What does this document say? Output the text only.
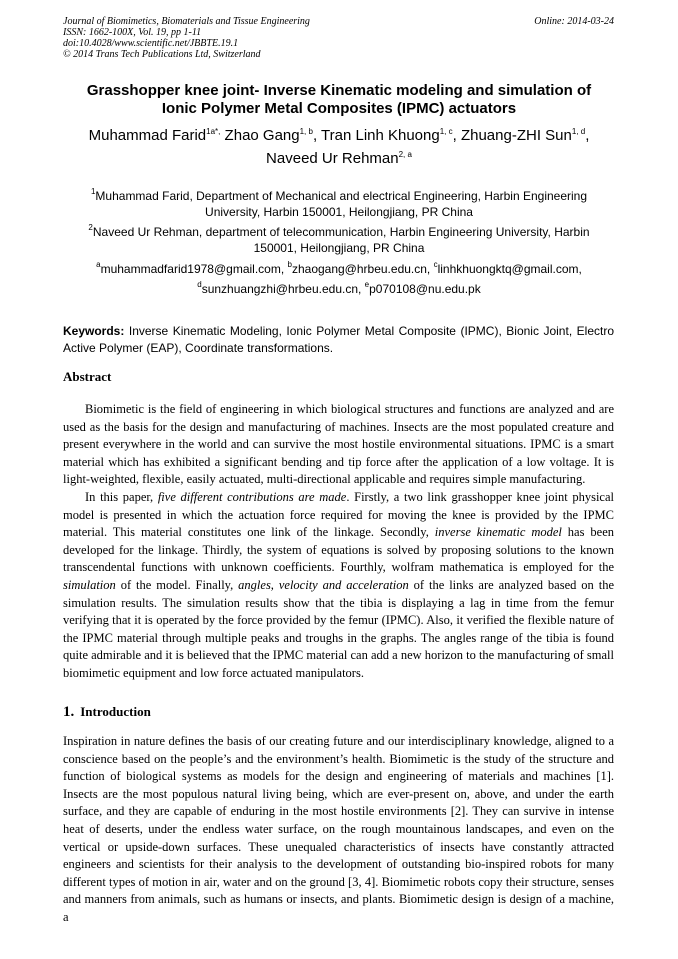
Journal of Biomimetics, Biomaterials and Tissue Engineering
ISSN: 1662-100X, Vol. 19, pp 1-11
doi:10.4028/www.scientific.net/JBBTE.19.1
© 2014 Trans Tech Publications Ltd, Switzerland
Online: 2014-03-24
Grasshopper knee joint- Inverse Kinematic modeling and simulation of
Ionic Polymer Metal Composites (IPMC) actuators
Muhammad Farid$^{1a*,}$ Zhao Gang$^{1, b}$, Tran Linh Khuong$^{1, c}$, Zhuang-ZHI Sun$^{1, d}$,
Naveed Ur Rehman$^{2, a}$
$^1$Muhammad Farid, Department of Mechanical and electrical Engineering, Harbin Engineering
University, Harbin 150001, Heilongjiang, PR China
$^2$Naveed Ur Rehman, department of telecommunication, Harbin Engineering University, Harbin
150001, Heilongjiang, PR China
$^a$muhammadfarid1978@gmail.com, $^b$zhaogang@hrbeu.edu.cn, $^c$linhkhuongktq@gmail.com,
$^d$sunzhuangzhi@hrbeu.edu.cn, $^e$p070108@nu.edu.pk
Keywords: Inverse Kinematic Modeling, Ionic Polymer Metal Composite (IPMC), Bionic Joint, Electro Active Polymer (EAP), Coordinate transformations.
Abstract

Biomimetic is the field of engineering in which biological structures and functions are analyzed and are used as the basis for the design and manufacturing of machines. Insects are the most populated creature and present everywhere in the world and can survive the most hostile environmental situations. IPMC is a smart material which has exhibited a significant bending and tip force after the application of a low voltage. It is light-weighted, flexible, easily actuated, multi-directional applicable and requires simple manufacturing.

In this paper, five different contributions are made. Firstly, a two link grasshopper knee joint physical model is presented in which the actuation force required for moving the knee is provided by the IPMC material. This material constitutes one link of the linkage. Secondly, inverse kinematic model has been developed for the linkage. Thirdly, the system of equations is solved by proposing solutions to the known transcendental functions with unknown coefficients. Fourthly, wolfram mathematica is employed for the simulation of the model. Finally, angles, velocity and acceleration of the links are analyzed based on the simulation results. The simulation results show that the tibia is displaying a lag in time from the femur verifying that it is operated by the force provided by the femur (IPMC). Also, it verified the flexible nature of the IPMC material through multiple peaks and troughs in the graphs. The angles range of the tibia is found quite admirable and it is believed that the IPMC material can add a new horizon to the manufacturing of small biomimetic equipment and low force actuated manipulators.

1. Introduction

Inspiration in nature defines the basis of our creating future and our interdisciplinary knowledge, aligned to a conscience based on the people’s and the environment’s health. Biomimetic is the study of the structure and function of biological systems as models for the design and engineering of materials and machines [1]. Insects are the most populous natural living being, which are ever-present on, above, and under the earth surface, and they are capable of enduring in the most hostile environments [2]. They can survive in intense heat of deserts, under the endless water surface, on the rough mountainous landscapes, and even on the vertical or upside-down surfaces. These unequaled characteristics of insects have constantly attracted engineers and scientists for their analysis to the development of outstanding bio-inspired robots for many different types of motion in air, water and on the ground [3, 4]. Biomimetic robots copy their structure, senses and manners from animals, such as humans or insects, and plants. Biomimetic design is design of a machine, a
